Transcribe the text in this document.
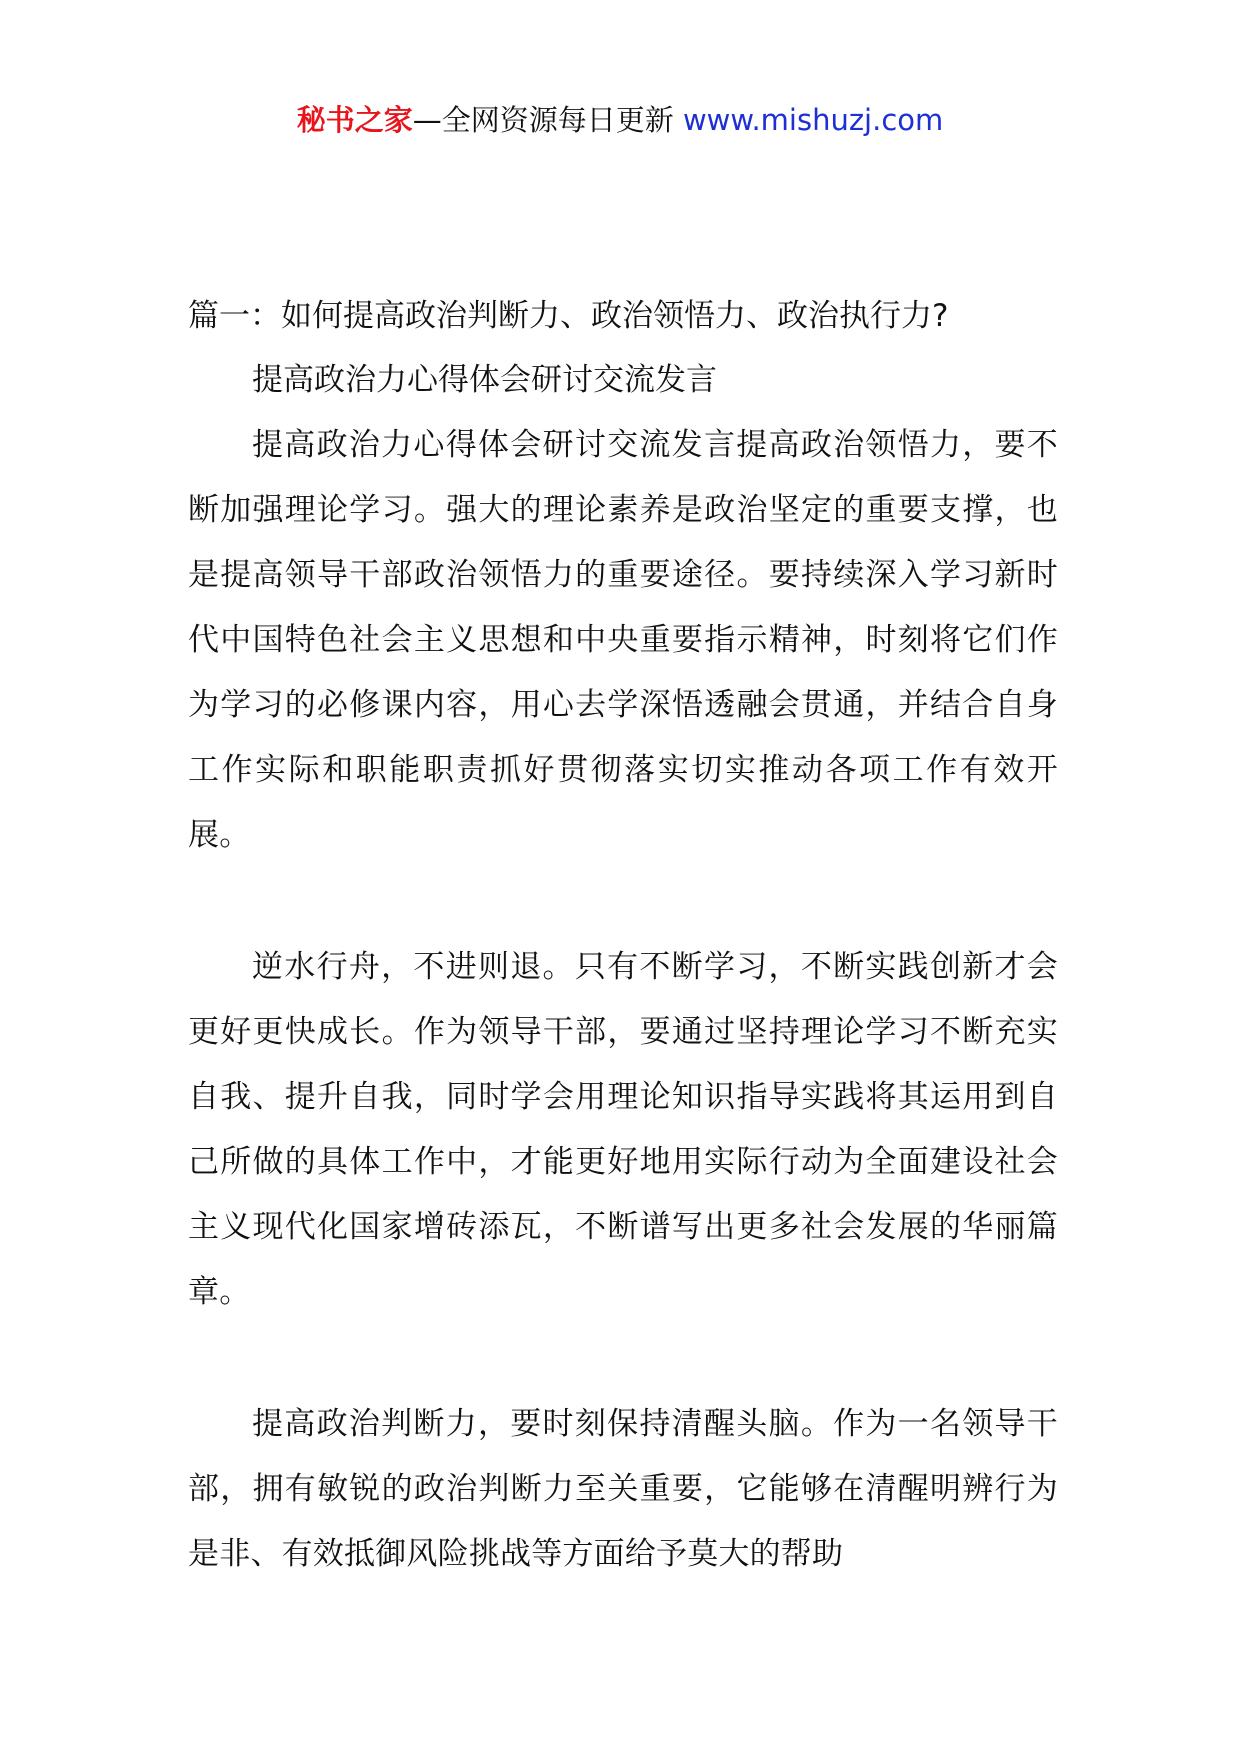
秘书之家—全网资源每日更新 www.mishuzj.com

篇一：如何提高政治判断力、政治领悟力、政治执行力?

提高政治力心得体会研讨交流发言

提高政治力心得体会研讨交流发言提高政治领悟力，要不断加强理论学习。强大的理论素养是政治坚定的重要支撑，也是提高领导干部政治领悟力的重要途径。要持续深入学习新时代中国特色社会主义思想和中央重要指示精神，时刻将它们作为学习的必修课内容，用心去学深悟透融会贯通，并结合自身工作实际和职能职责抓好贯彻落实切实推动各项工作有效开展。

逆水行舟，不进则退。只有不断学习，不断实践创新才会更好更快成长。作为领导干部，要通过坚持理论学习不断充实自我、提升自我，同时学会用理论知识指导实践将其运用到自己所做的具体工作中，才能更好地用实际行动为全面建设社会主义现代化国家增砖添瓦，不断谱写出更多社会发展的华丽篇章。

提高政治判断力，要时刻保持清醒头脑。作为一名领导干部，拥有敏锐的政治判断力至关重要，它能够在清醒明辨行为是非、有效抵御风险挑战等方面给予莫大的帮助
